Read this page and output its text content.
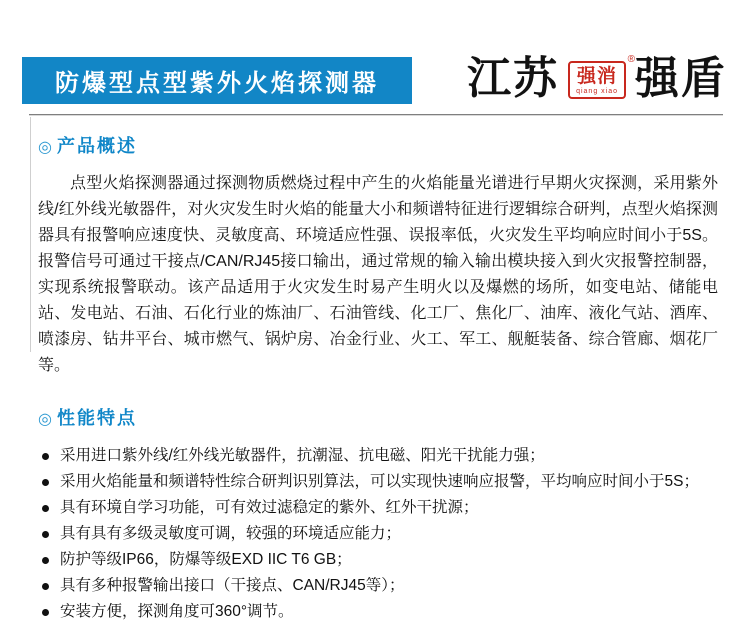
防爆型点型紫外火焰探测器 江苏	®
强消
qiang xiao 强盾
◎ 产品概述

点型火焰探测器通过探测物质燃烧过程中产生的火焰能量光谱进行早期火灾探测，采用紫外线/红外线光敏器件，对火灾发生时火焰的能量大小和频谱特征进行逻辑综合研判，点型火焰探测器具有报警响应速度快、灵敏度高、环境适应性强、误报率低，火灾发生平均响应时间小于5S。报警信号可通过干接点/CAN/RJ45接口输出，通过常规的输入输出模块接入到火灾报警控制器，实现系统报警联动。该产品适用于火灾发生时易产生明火以及爆燃的场所，如变电站、储能电站、发电站、石油、石化行业的炼油厂、石油管线、化工厂、焦化厂、油库、液化气站、酒库、喷漆房、钻井平台、城市燃气、锅炉房、冶金行业、火工、军工、舰艇装备、综合管廊、烟花厂等。

◎ 性能特点
采用进口紫外线/红外线光敏器件，抗潮湿、抗电磁、阳光干扰能力强；
采用火焰能量和频谱特性综合研判识别算法，可以实现快速响应报警，平均响应时间小于5S；
具有环境自学习功能，可有效过滤稳定的紫外、红外干扰源；
具有具有多级灵敏度可调，较强的环境适应能力；
防护等级IP66，防爆等级EXD IIC T6 GB；
具有多种报警输出接口（干接点、CAN/RJ45等）；
安装方便，探测角度可360°调节。
